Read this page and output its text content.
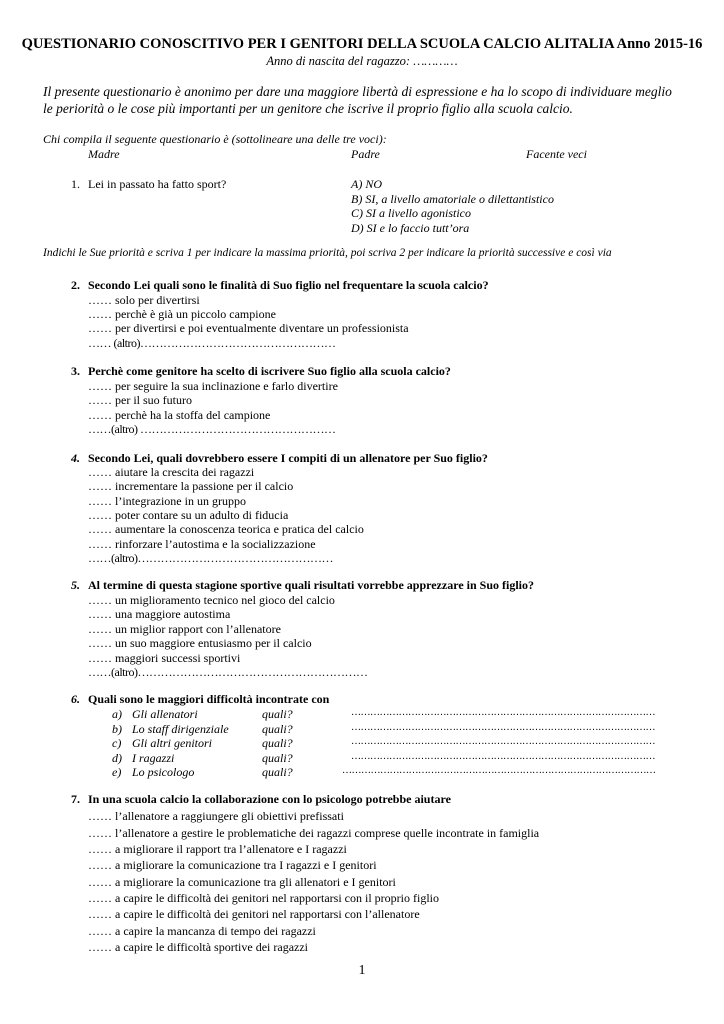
QUESTIONARIO CONOSCITIVO PER I GENITORI DELLA SCUOLA CALCIO ALITALIA Anno 2015-16
Anno di nascita del ragazzo: …………
Il presente questionario è anonimo per dare una maggiore libertà di espressione e ha lo scopo di individuare meglio le periorità o le cose più importanti per un genitore che iscrive il proprio figlio alla scuola calcio.
Chi compila il seguente questionario è (sottolineare una delle tre voci):
Madre	Padre	Facente veci
1. Lei in passato ha fatto sport?	A) NO
B) SI, a livello amatoriale o dilettantistico
C) SI a livello agonistico
D) SI e lo faccio tutt’ora
Indichi le Sue priorità e scriva 1 per indicare la massima priorità, poi scriva 2 per indicare la priorità successive e così via
2. Secondo Lei quali sono le finalità di Suo figlio nel frequentare la scuola calcio?
…… solo per divertirsi
…… perchè è già un piccolo campione
…… per divertirsi e poi eventualmente diventare un professionista
…… (altro)……………………………………………
3. Perchè come genitore ha scelto di iscrivere Suo figlio alla scuola calcio?
…… per seguire la sua inclinazione e farlo divertire
…… per il suo futuro
…… perchè ha la stoffa del campione
……(altro) ……………………………………………
4. Secondo Lei, quali dovrebbero essere I compiti di un allenatore per Suo figlio?
…… aiutare la crescita dei ragazzi
…… incrementare la passione per il calcio
…… l’integrazione in un gruppo
…… poter contare su un adulto di fiducia
…… aumentare la conoscenza teorica e pratica del calcio
…… rinforzare l’autostima e la socializzazione
……(altro)……………………………………………
5. Al termine di questa stagione sportive quali risultati vorrebbe apprezzare in Suo figlio?
…… un miglioramento tecnico nel gioco del calcio
…… una maggiore autostima
…… un miglior rapport con l’allenatore
…… un suo maggiore entusiasmo per il calcio
…… maggiori successi sportivi
……(altro)……………………………………………………
6. Quali sono le maggiori difficoltà incontrate con
a) Gli allenatori	quali?	……………………………………………………………………………………
b) Lo staff dirigenziale	quali?	……………………………………………………………………………………
c) Gli altri genitori	quali?	……………………………………………………………………………………
d) I ragazzi	quali?	……………………………………………………………………………………
e) Lo psicologo	quali?	………………………………………………………………………………………
7. In una scuola calcio la collaborazione con lo psicologo potrebbe aiutare
…… l’allenatore a raggiungere gli obiettivi prefissati
…… l’allenatore a gestire le problematiche dei ragazzi comprese quelle incontrate in famiglia
…… a migliorare il rapport tra l’allenatore e I ragazzi
…… a migliorare la comunicazione tra I ragazzi e I genitori
…… a migliorare la comunicazione tra gli allenatori e I genitori
…… a capire le difficoltà dei genitori nel rapportarsi con il proprio figlio
…… a capire le difficoltà dei genitori nel rapportarsi con l’allenatore
…… a capire la mancanza di tempo dei ragazzi
…… a capire le difficoltà sportive dei ragazzi
1
